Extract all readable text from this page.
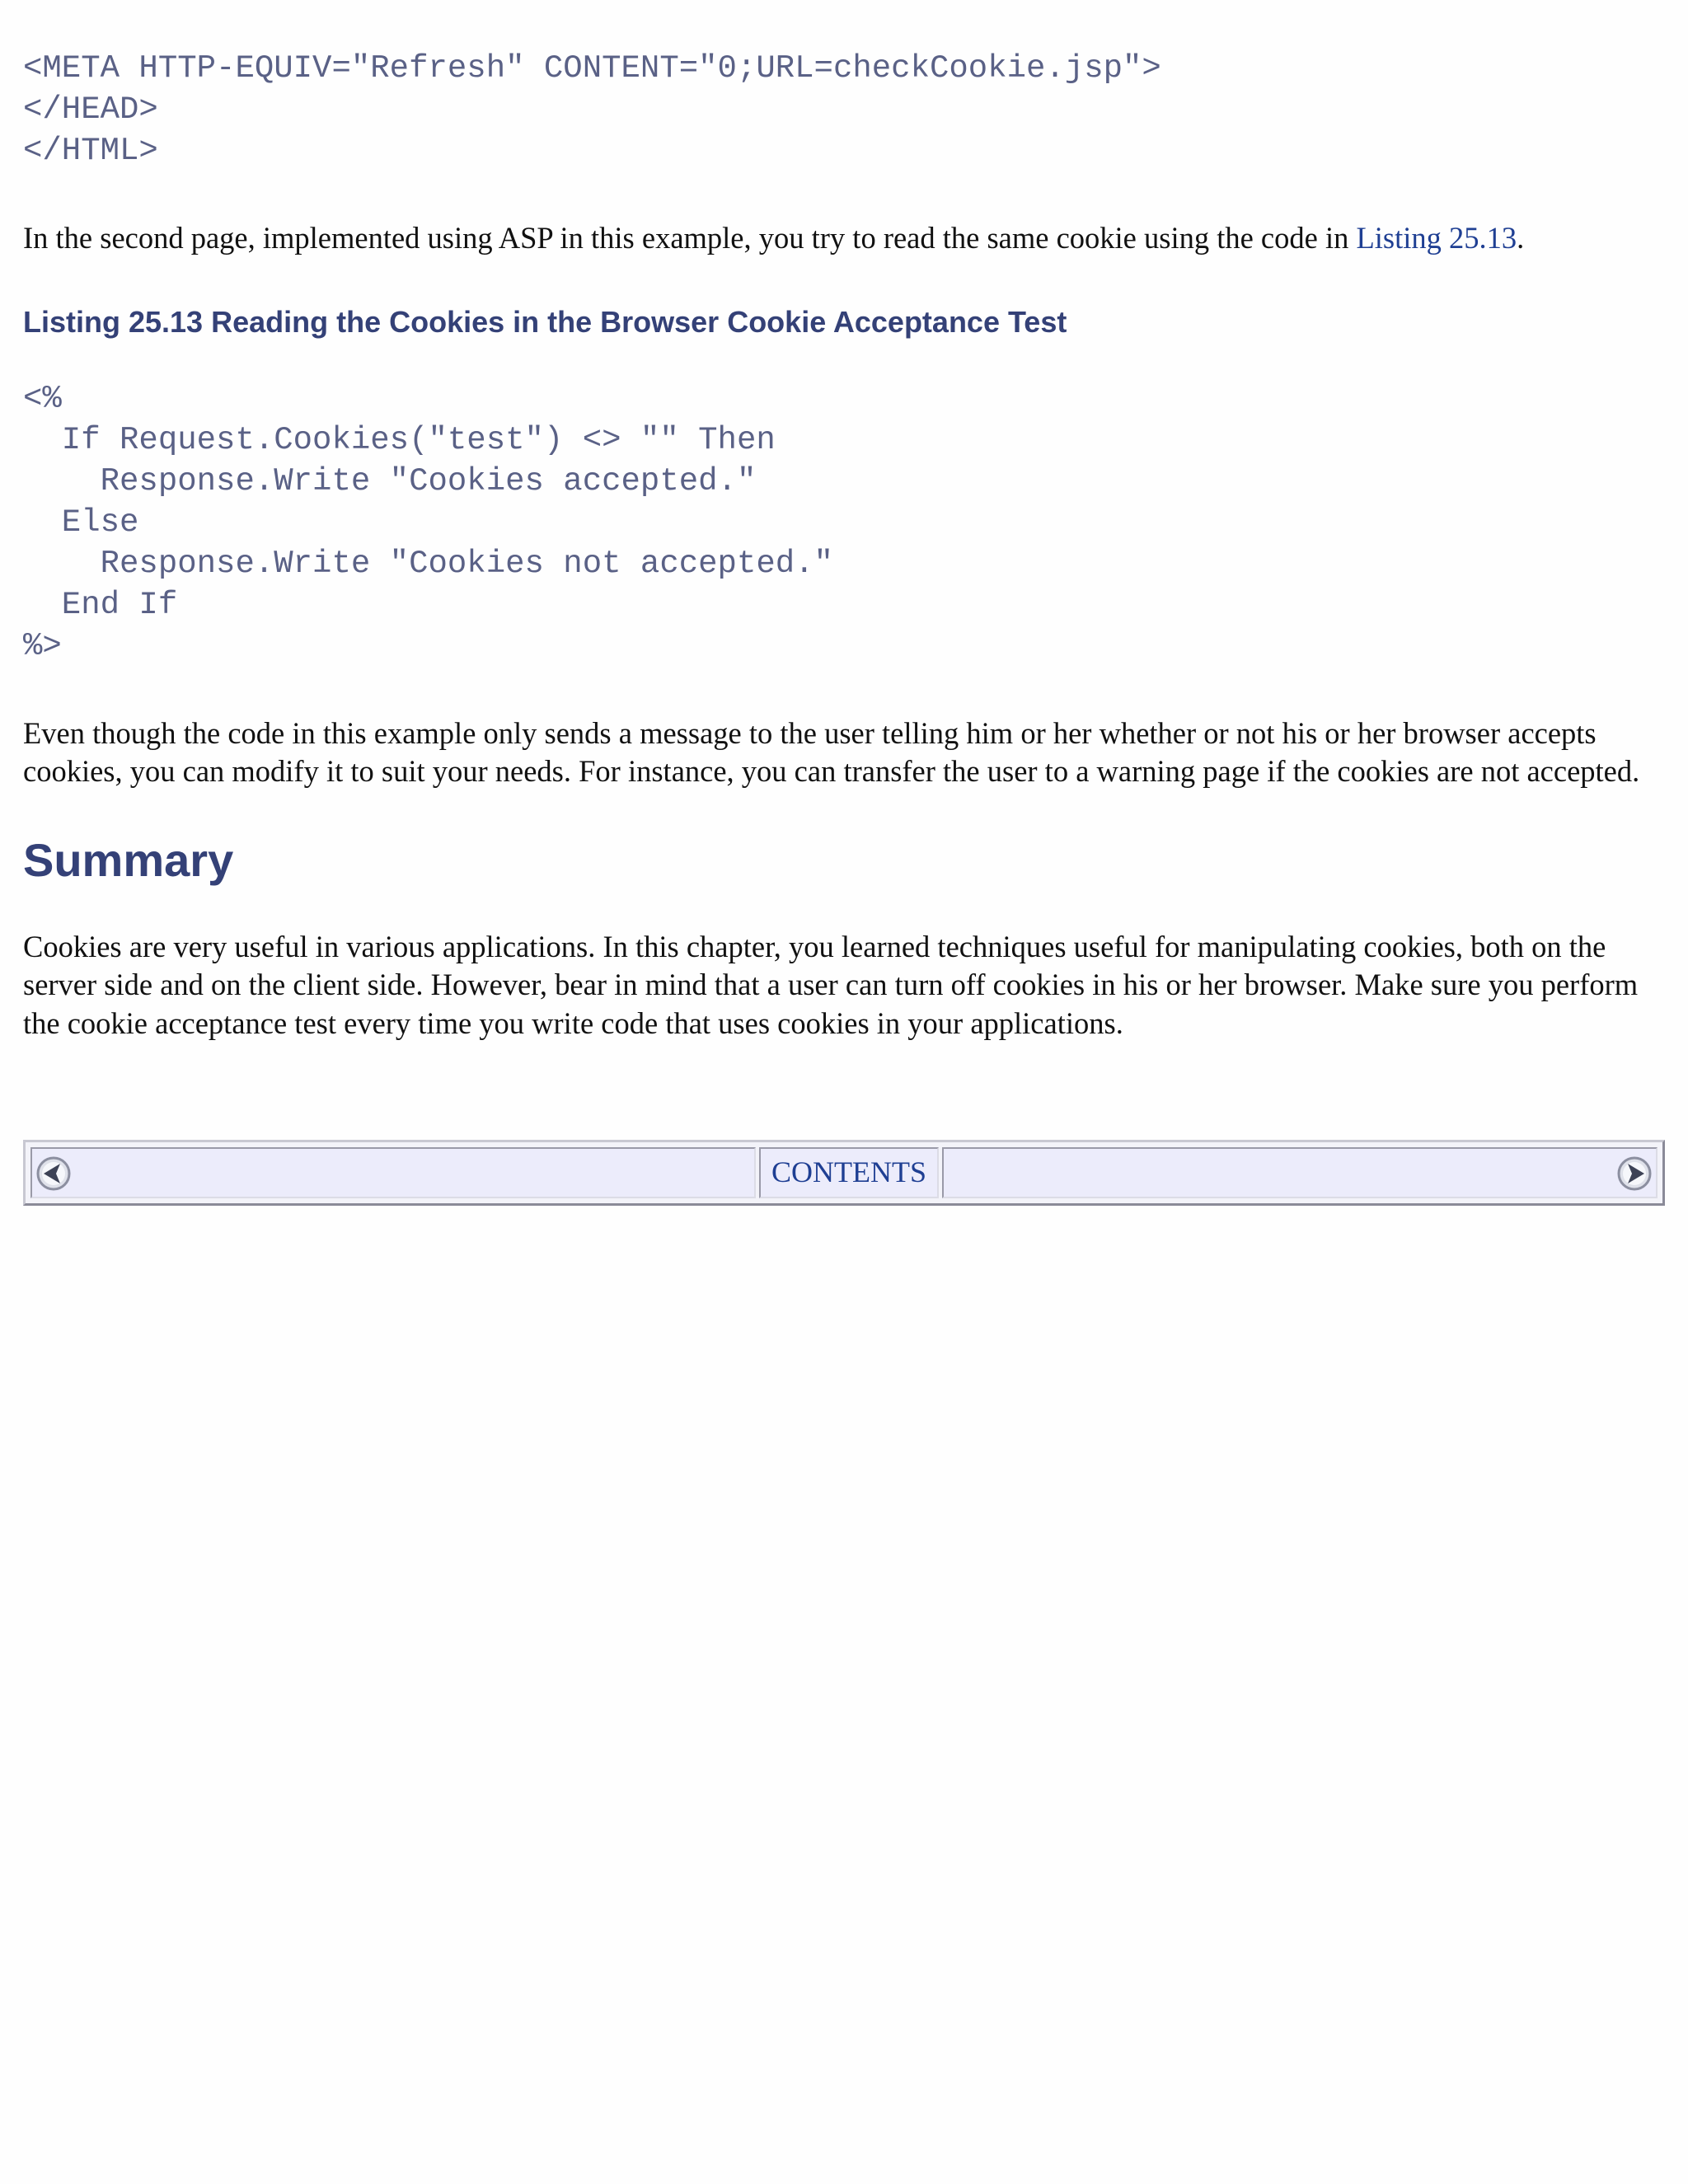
<META HTTP-EQUIV="Refresh" CONTENT="0;URL=checkCookie.jsp">
</HEAD>
</HTML>

In the second page, implemented using ASP in this example, you try to read the same cookie using the code in Listing 25.13.

Listing 25.13 Reading the Cookies in the Browser Cookie Acceptance Test
<%
If Request.Cookies("test") <> "" Then
Response.Write "Cookies accepted."
Else
Response.Write "Cookies not accepted."
End If
%>

Even though the code in this example only sends a message to the user telling him or her whether or not his or her browser accepts cookies, you can modify it to suit your needs. For instance, you can transfer the user to a warning page if the cookies are not accepted.

Summary

Cookies are very useful in various applications. In this chapter, you learned techniques useful for manipulating cookies, both on the server side and on the client side. However, bear in mind that a user can turn off cookies in his or her browser. Make sure you perform the cookie acceptance test every time you write code that uses cookies in your applications.

CONTENTS
